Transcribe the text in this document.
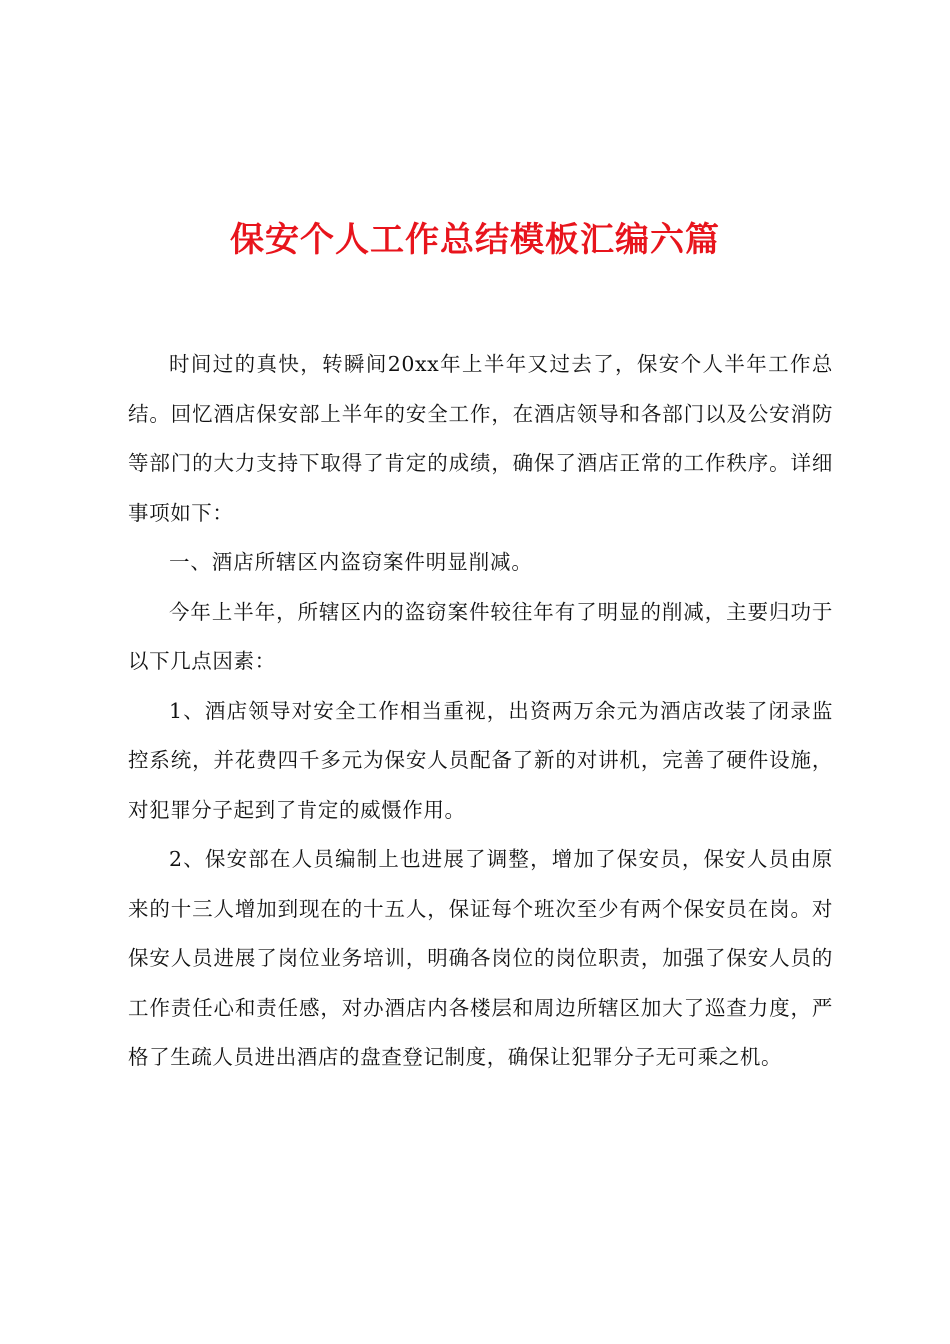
保安个人工作总结模板汇编六篇

时间过的真快，转瞬间20xx年上半年又过去了，保安个人半年工作总结。回忆酒店保安部上半年的安全工作，在酒店领导和各部门以及公安消防等部门的大力支持下取得了肯定的成绩，确保了酒店正常的工作秩序。详细事项如下：

一、酒店所辖区内盗窃案件明显削减。

今年上半年，所辖区内的盗窃案件较往年有了明显的削减，主要归功于以下几点因素：

1、酒店领导对安全工作相当重视，出资两万余元为酒店改装了闭录监控系统，并花费四千多元为保安人员配备了新的对讲机，完善了硬件设施，对犯罪分子起到了肯定的威慑作用。

2、保安部在人员编制上也进展了调整，增加了保安员，保安人员由原来的十三人增加到现在的十五人，保证每个班次至少有两个保安员在岗。对保安人员进展了岗位业务培训，明确各岗位的岗位职责，加强了保安人员的工作责任心和责任感，对办酒店内各楼层和周边所辖区加大了巡查力度，严格了生疏人员进出酒店的盘查登记制度，确保让犯罪分子无可乘之机。
